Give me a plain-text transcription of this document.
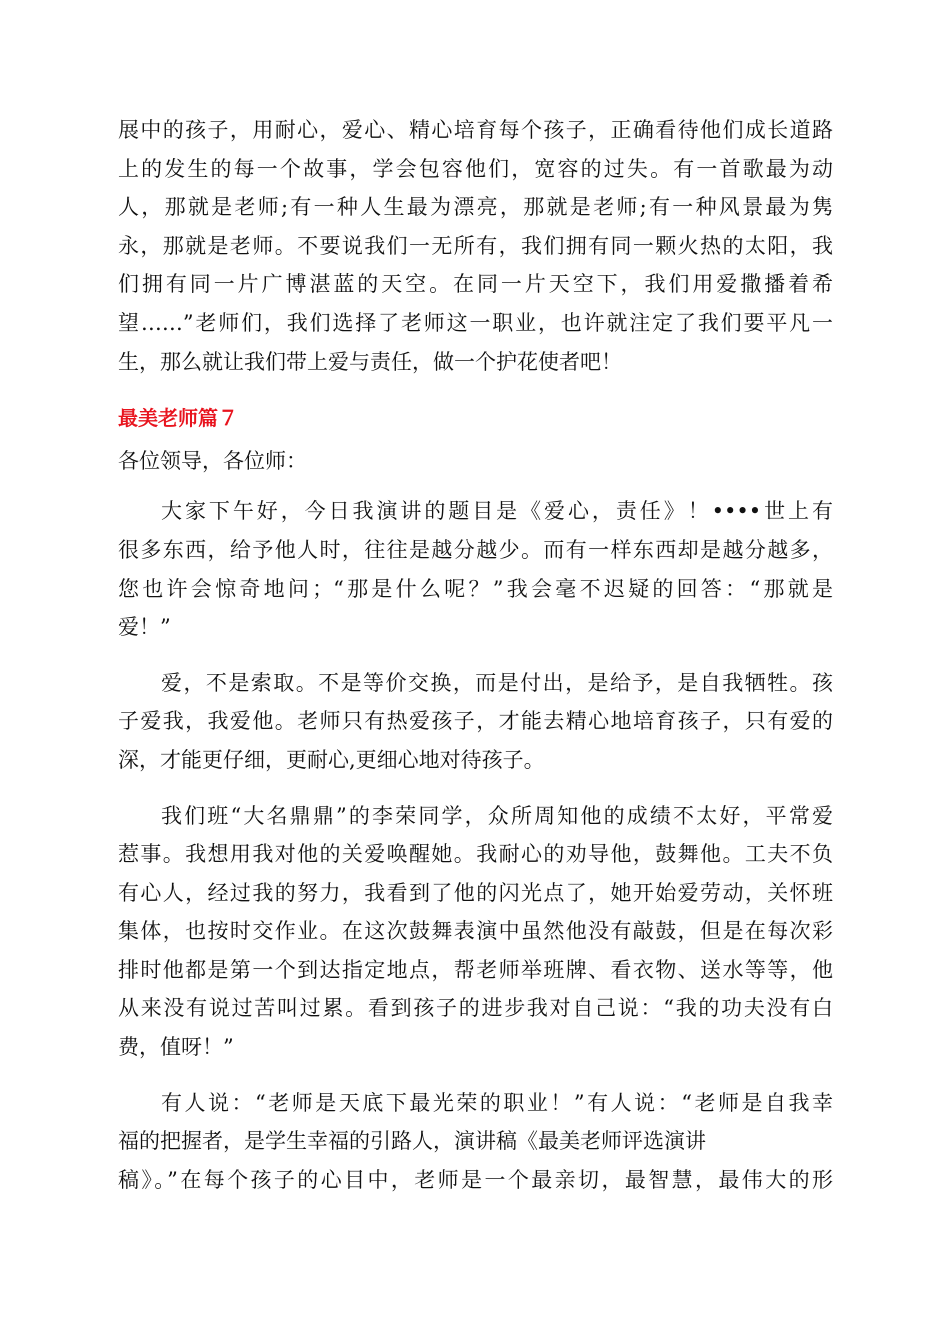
展中的孩子，用耐心，爱心、精心培育每个孩子，正确看待他们成长道路
上的发生的每一个故事，学会包容他们，宽容的过失。有一首歌最为动
人，那就是老师;有一种人生最为漂亮，那就是老师;有一种风景最为隽
永，那就是老师。不要说我们一无所有，我们拥有同一颗火热的太阳，我
们拥有同一片广博湛蓝的天空。在同一片天空下，我们用爱撒播着希
望……”老师们，我们选择了老师这一职业，也许就注定了我们要平凡一
生，那么就让我们带上爱与责任，做一个护花使者吧！
最美老师篇７
各位领导，各位师：
大家下午好，今日我演讲的题目是《爱心，责任》！••••世上有
很多东西，给予他人时，往往是越分越少。而有一样东西却是越分越多，
您也许会惊奇地问；“那是什么呢？”我会毫不迟疑的回答：“那就是
爱！”
爱，不是索取。不是等价交换，而是付出，是给予，是自我牺牲。孩
子爱我，我爱他。老师只有热爱孩子，才能去精心地培育孩子，只有爱的
深，才能更仔细，更耐心,更细心地对待孩子。
我们班“大名鼎鼎”的李荣同学，众所周知他的成绩不太好，平常爱
惹事。我想用我对他的关爱唤醒她。我耐心的劝导他，鼓舞他。工夫不负
有心人，经过我的努力，我看到了他的闪光点了，她开始爱劳动，关怀班
集体，也按时交作业。在这次鼓舞表演中虽然他没有敲鼓，但是在每次彩
排时他都是第一个到达指定地点，帮老师举班牌、看衣物、送水等等，他
从来没有说过苦叫过累。看到孩子的进步我对自己说：“我的功夫没有白
费，值呀！”
有人说：“老师是天底下最光荣的职业！”有人说：“老师是自我幸
福的把握者，是学生幸福的引路人，演讲稿《最美老师评选演讲
稿》。”在每个孩子的心目中，老师是一个最亲切，最智慧，最伟大的形
